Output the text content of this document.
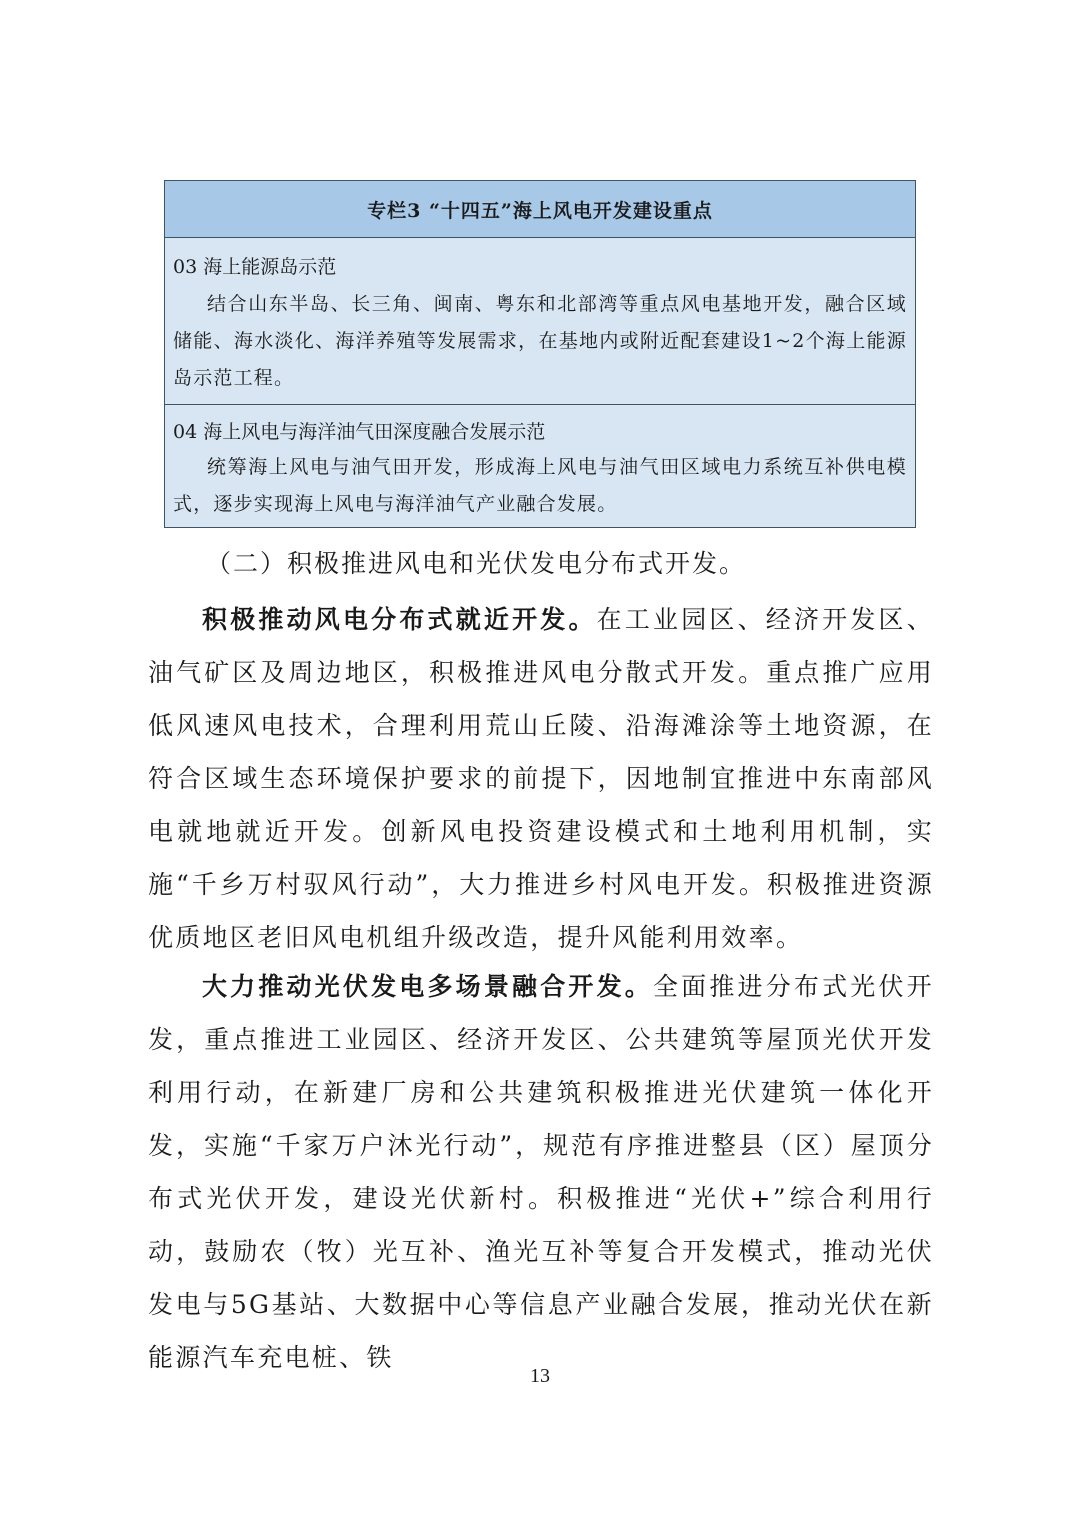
专栏3 “十四五”海上风电开发建设重点

03 海上能源岛示范

结合山东半岛、长三角、闽南、粤东和北部湾等重点风电基地开发，融合区域储能、海水淡化、海洋养殖等发展需求，在基地内或附近配套建设1~2个海上能源岛示范工程。

04 海上风电与海洋油气田深度融合发展示范

统筹海上风电与油气田开发，形成海上风电与油气田区域电力系统互补供电模式，逐步实现海上风电与海洋油气产业融合发展。

（二）积极推进风电和光伏发电分布式开发。

积极推动风电分布式就近开发。在工业园区、经济开发区、油气矿区及周边地区，积极推进风电分散式开发。重点推广应用低风速风电技术，合理利用荒山丘陵、沿海滩涂等土地资源，在符合区域生态环境保护要求的前提下，因地制宜推进中东南部风电就地就近开发。创新风电投资建设模式和土地利用机制，实施“千乡万村驭风行动”，大力推进乡村风电开发。积极推进资源优质地区老旧风电机组升级改造，提升风能利用效率。

大力推动光伏发电多场景融合开发。全面推进分布式光伏开发，重点推进工业园区、经济开发区、公共建筑等屋顶光伏开发利用行动，在新建厂房和公共建筑积极推进光伏建筑一体化开发，实施“千家万户沐光行动”，规范有序推进整县（区）屋顶分布式光伏开发，建设光伏新村。积极推进“光伏+”综合利用行动，鼓励农（牧）光互补、渔光互补等复合开发模式，推动光伏发电与5G基站、大数据中心等信息产业融合发展，推动光伏在新能源汽车充电桩、铁

13
